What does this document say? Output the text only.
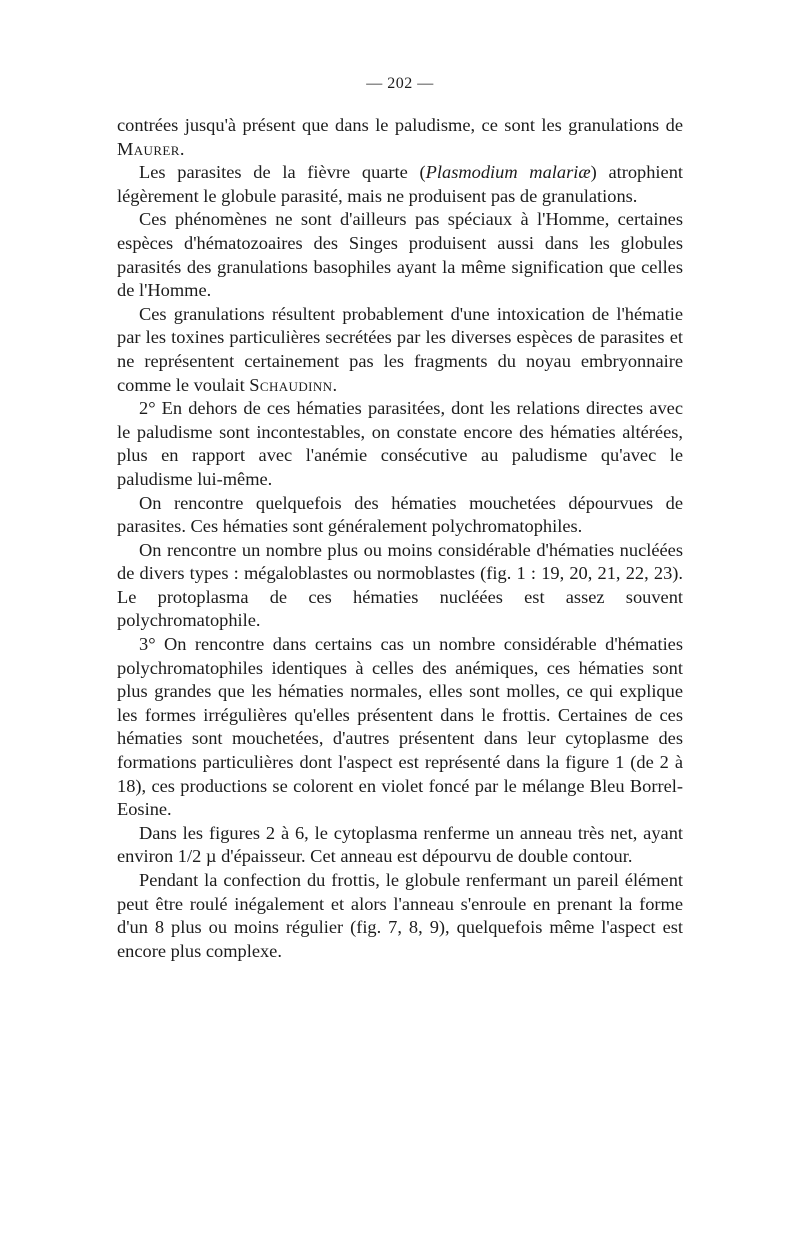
— 202 —

contrées jusqu'à présent que dans le paludisme, ce sont les granulations de Maurer.

Les parasites de la fièvre quarte (Plasmodium malariæ) atrophient légèrement le globule parasité, mais ne produisent pas de granulations.

Ces phénomènes ne sont d'ailleurs pas spéciaux à l'Homme, certaines espèces d'hématozoaires des Singes produisent aussi dans les globules parasités des granulations basophiles ayant la même signification que celles de l'Homme.

Ces granulations résultent probablement d'une intoxication de l'hématie par les toxines particulières secrétées par les diverses espèces de parasites et ne représentent certainement pas les fragments du noyau embryonnaire comme le voulait Schaudinn.

2° En dehors de ces hématies parasitées, dont les relations directes avec le paludisme sont incontestables, on constate encore des hématies altérées, plus en rapport avec l'anémie consécutive au paludisme qu'avec le paludisme lui-même.

On rencontre quelquefois des hématies mouchetées dépourvues de parasites. Ces hématies sont généralement polychromatophiles.

On rencontre un nombre plus ou moins considérable d'hématies nucléées de divers types : mégaloblastes ou normoblastes (fig. 1 : 19, 20, 21, 22, 23). Le protoplasma de ces hématies nucléées est assez souvent polychromatophile.

3° On rencontre dans certains cas un nombre considérable d'hématies polychromatophiles identiques à celles des anémiques, ces hématies sont plus grandes que les hématies normales, elles sont molles, ce qui explique les formes irrégulières qu'elles présentent dans le frottis. Certaines de ces hématies sont mouchetées, d'autres présentent dans leur cytoplasme des formations particulières dont l'aspect est représenté dans la figure 1 (de 2 à 18), ces productions se colorent en violet foncé par le mélange Bleu Borrel-Eosine.

Dans les figures 2 à 6, le cytoplasma renferme un anneau très net, ayant environ 1/2 µ d'épaisseur. Cet anneau est dépourvu de double contour.

Pendant la confection du frottis, le globule renfermant un pareil élément peut être roulé inégalement et alors l'anneau s'enroule en prenant la forme d'un 8 plus ou moins régulier (fig. 7, 8, 9), quelquefois même l'aspect est encore plus complexe.
